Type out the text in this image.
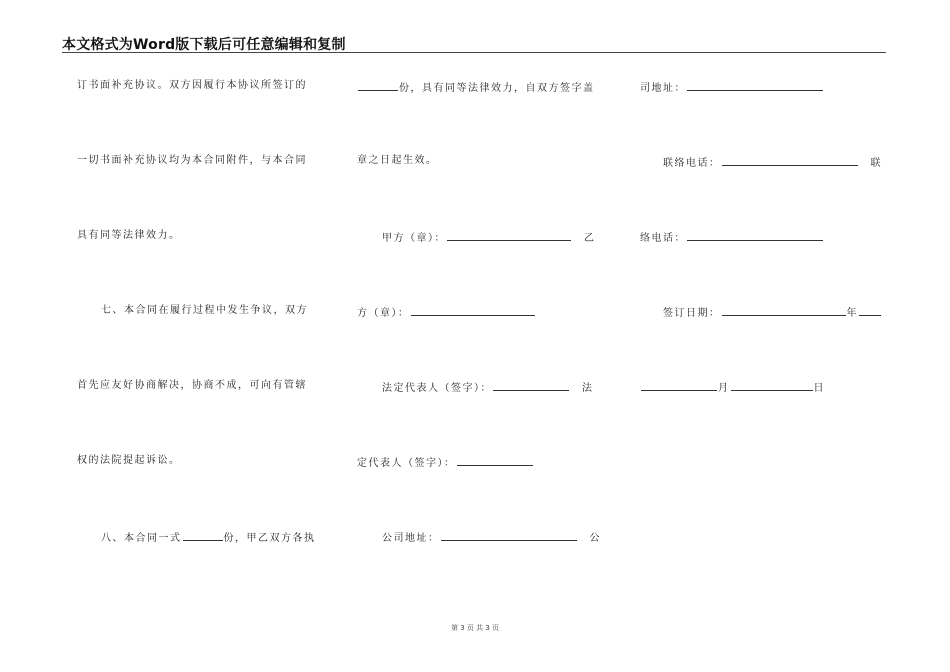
本文格式为Word版下载后可任意编辑和复制
订书面补充协议。双方因履行本协议所签订的
一切书面补充协议均为本合同附件，与本合同
具有同等法律效力。
七、本合同在履行过程中发生争议，双方
首先应友好协商解决，协商不成，可向有管辖
权的法院提起诉讼。
八、本合同一式	份，甲乙双方各执
份，具有同等法律效力，自双方签字盖
章之日起生效。
甲方（章）：	乙
方（章）：
法定代表人（签字）：	法
定代表人（签字）：
公司地址：	公
司地址：
联络电话：	联
络电话：
签订日期：	年
月	日
第 3 页 共 3 页
